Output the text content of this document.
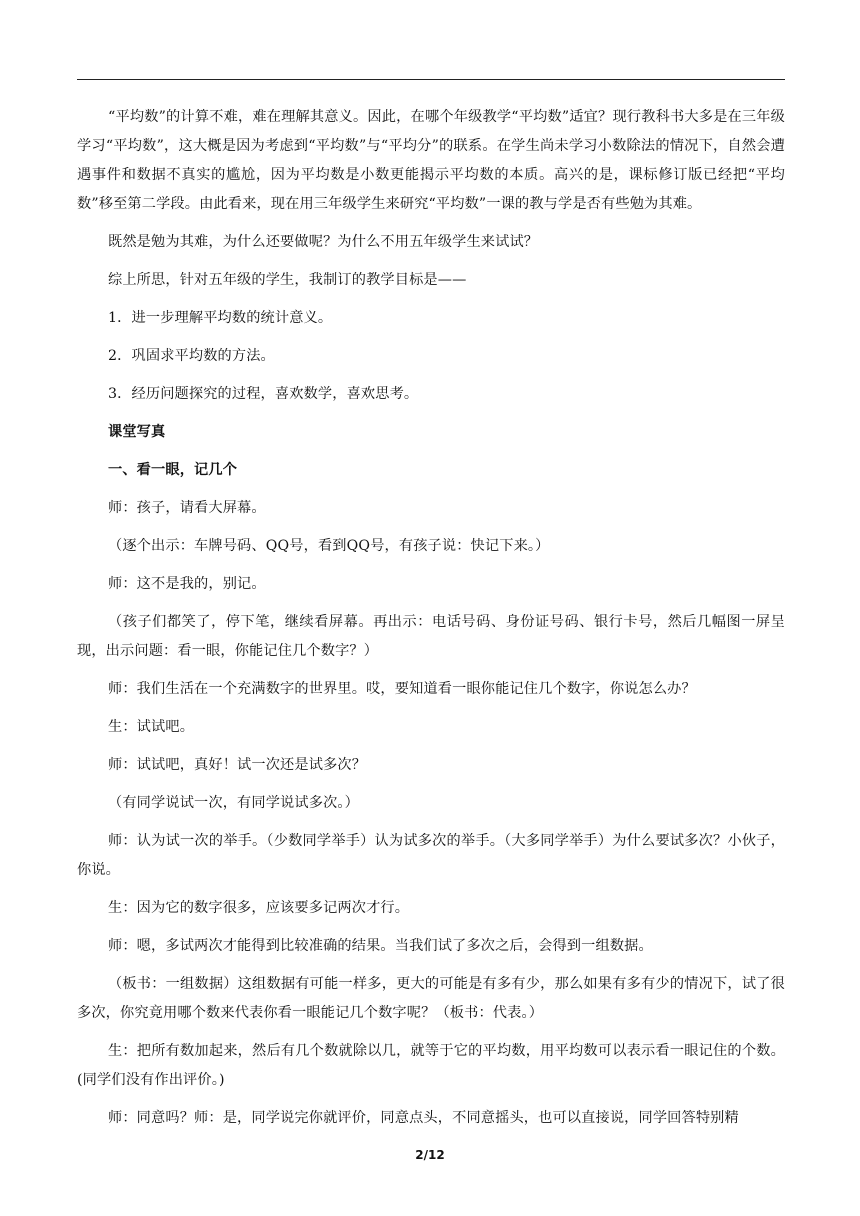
“平均数”的计算不难，难在理解其意义。因此，在哪个年级教学“平均数”适宜？现行教科书大多是在三年级学习“平均数”，这大概是因为考虑到“平均数”与“平均分”的联系。在学生尚未学习小数除法的情况下，自然会遭遇事件和数据不真实的尴尬，因为平均数是小数更能揭示平均数的本质。高兴的是，课标修订版已经把“平均数”移至第二学段。由此看来，现在用三年级学生来研究“平均数”一课的教与学是否有些勉为其难。

既然是勉为其难，为什么还要做呢？为什么不用五年级学生来试试？

综上所思，针对五年级的学生，我制订的教学目标是——

1．进一步理解平均数的统计意义。

2．巩固求平均数的方法。

3．经历问题探究的过程，喜欢数学，喜欢思考。

课堂写真

一、看一眼，记几个

师：孩子，请看大屏幕。

（逐个出示：车牌号码、QQ号，看到QQ号，有孩子说：快记下来。）

师：这不是我的，别记。

（孩子们都笑了，停下笔，继续看屏幕。再出示：电话号码、身份证号码、银行卡号，然后几幅图一屏呈现，出示问题：看一眼，你能记住几个数字？）

师：我们生活在一个充满数字的世界里。哎，要知道看一眼你能记住几个数字，你说怎么办？

生：试试吧。

师：试试吧，真好！试一次还是试多次？

（有同学说试一次，有同学说试多次。）

师：认为试一次的举手。（少数同学举手）认为试多次的举手。（大多同学举手）为什么要试多次？小伙子，你说。

生：因为它的数字很多，应该要多记两次才行。

师：嗯，多试两次才能得到比较准确的结果。当我们试了多次之后，会得到一组数据。

（板书：一组数据）这组数据有可能一样多，更大的可能是有多有少，那么如果有多有少的情况下，试了很多次，你究竟用哪个数来代表你看一眼能记几个数字呢？（板书：代表。）

生：把所有数加起来，然后有几个数就除以几，就等于它的平均数，用平均数可以表示看一眼记住的个数。(同学们没有作出评价。)

师：同意吗？师：是，同学说完你就评价，同意点头，不同意摇头，也可以直接说，同学回答特别精

2/12
